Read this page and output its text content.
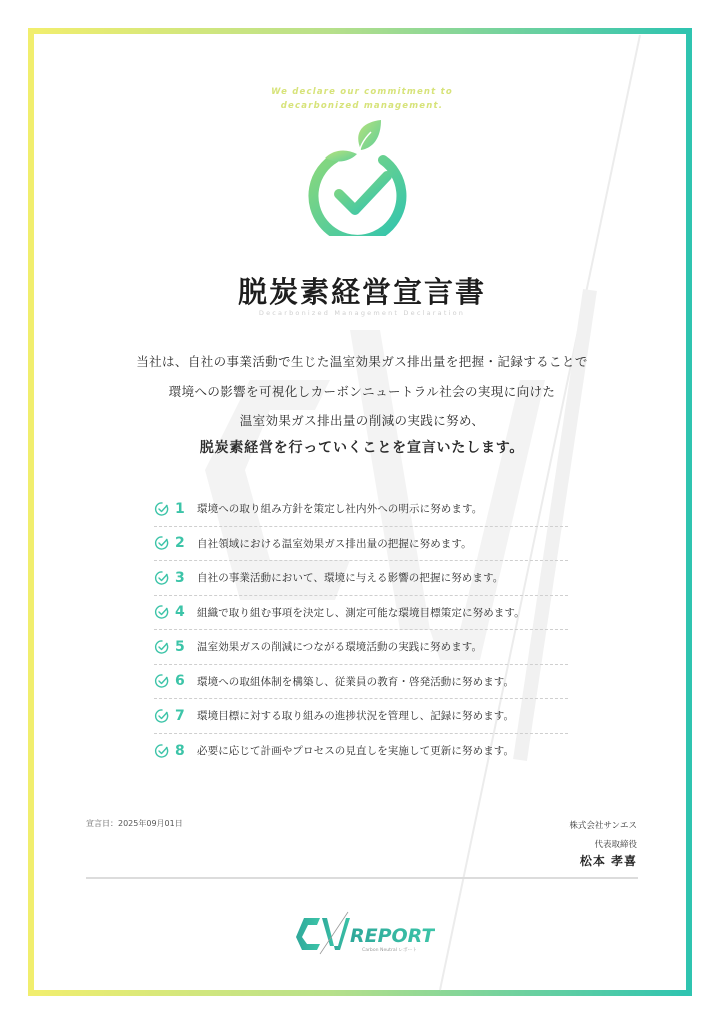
We declare our commitment to
decarbonized management.
脱炭素経営宣言書
Decarbonized Management Declaration
当社は、自社の事業活動で生じた温室効果ガス排出量を把握・記録することで
環境への影響を可視化しカーボンニュートラル社会の実現に向けた
温室効果ガス排出量の削減の実践に努め、
脱炭素経営を行っていくことを宣言いたします。
1	環境への取り組み方針を策定し社内外への明示に努めます。
2	自社領域における温室効果ガス排出量の把握に努めます。
3	自社の事業活動において、環境に与える影響の把握に努めます。
4	組織で取り組む事項を決定し、測定可能な環境目標策定に努めます。
5	温室効果ガスの削減につながる環境活動の実践に努めます。
6	環境への取組体制を構築し、従業員の教育・啓発活動に努めます。
7	環境目標に対する取り組みの進捗状況を管理し、記録に努めます。
8	必要に応じて計画やプロセスの見直しを実施して更新に努めます。
宣言日：2025年09月01日	株式会社サンエス
代表取締役
松本 孝喜
REPORT
Carbon Neutral レポート
